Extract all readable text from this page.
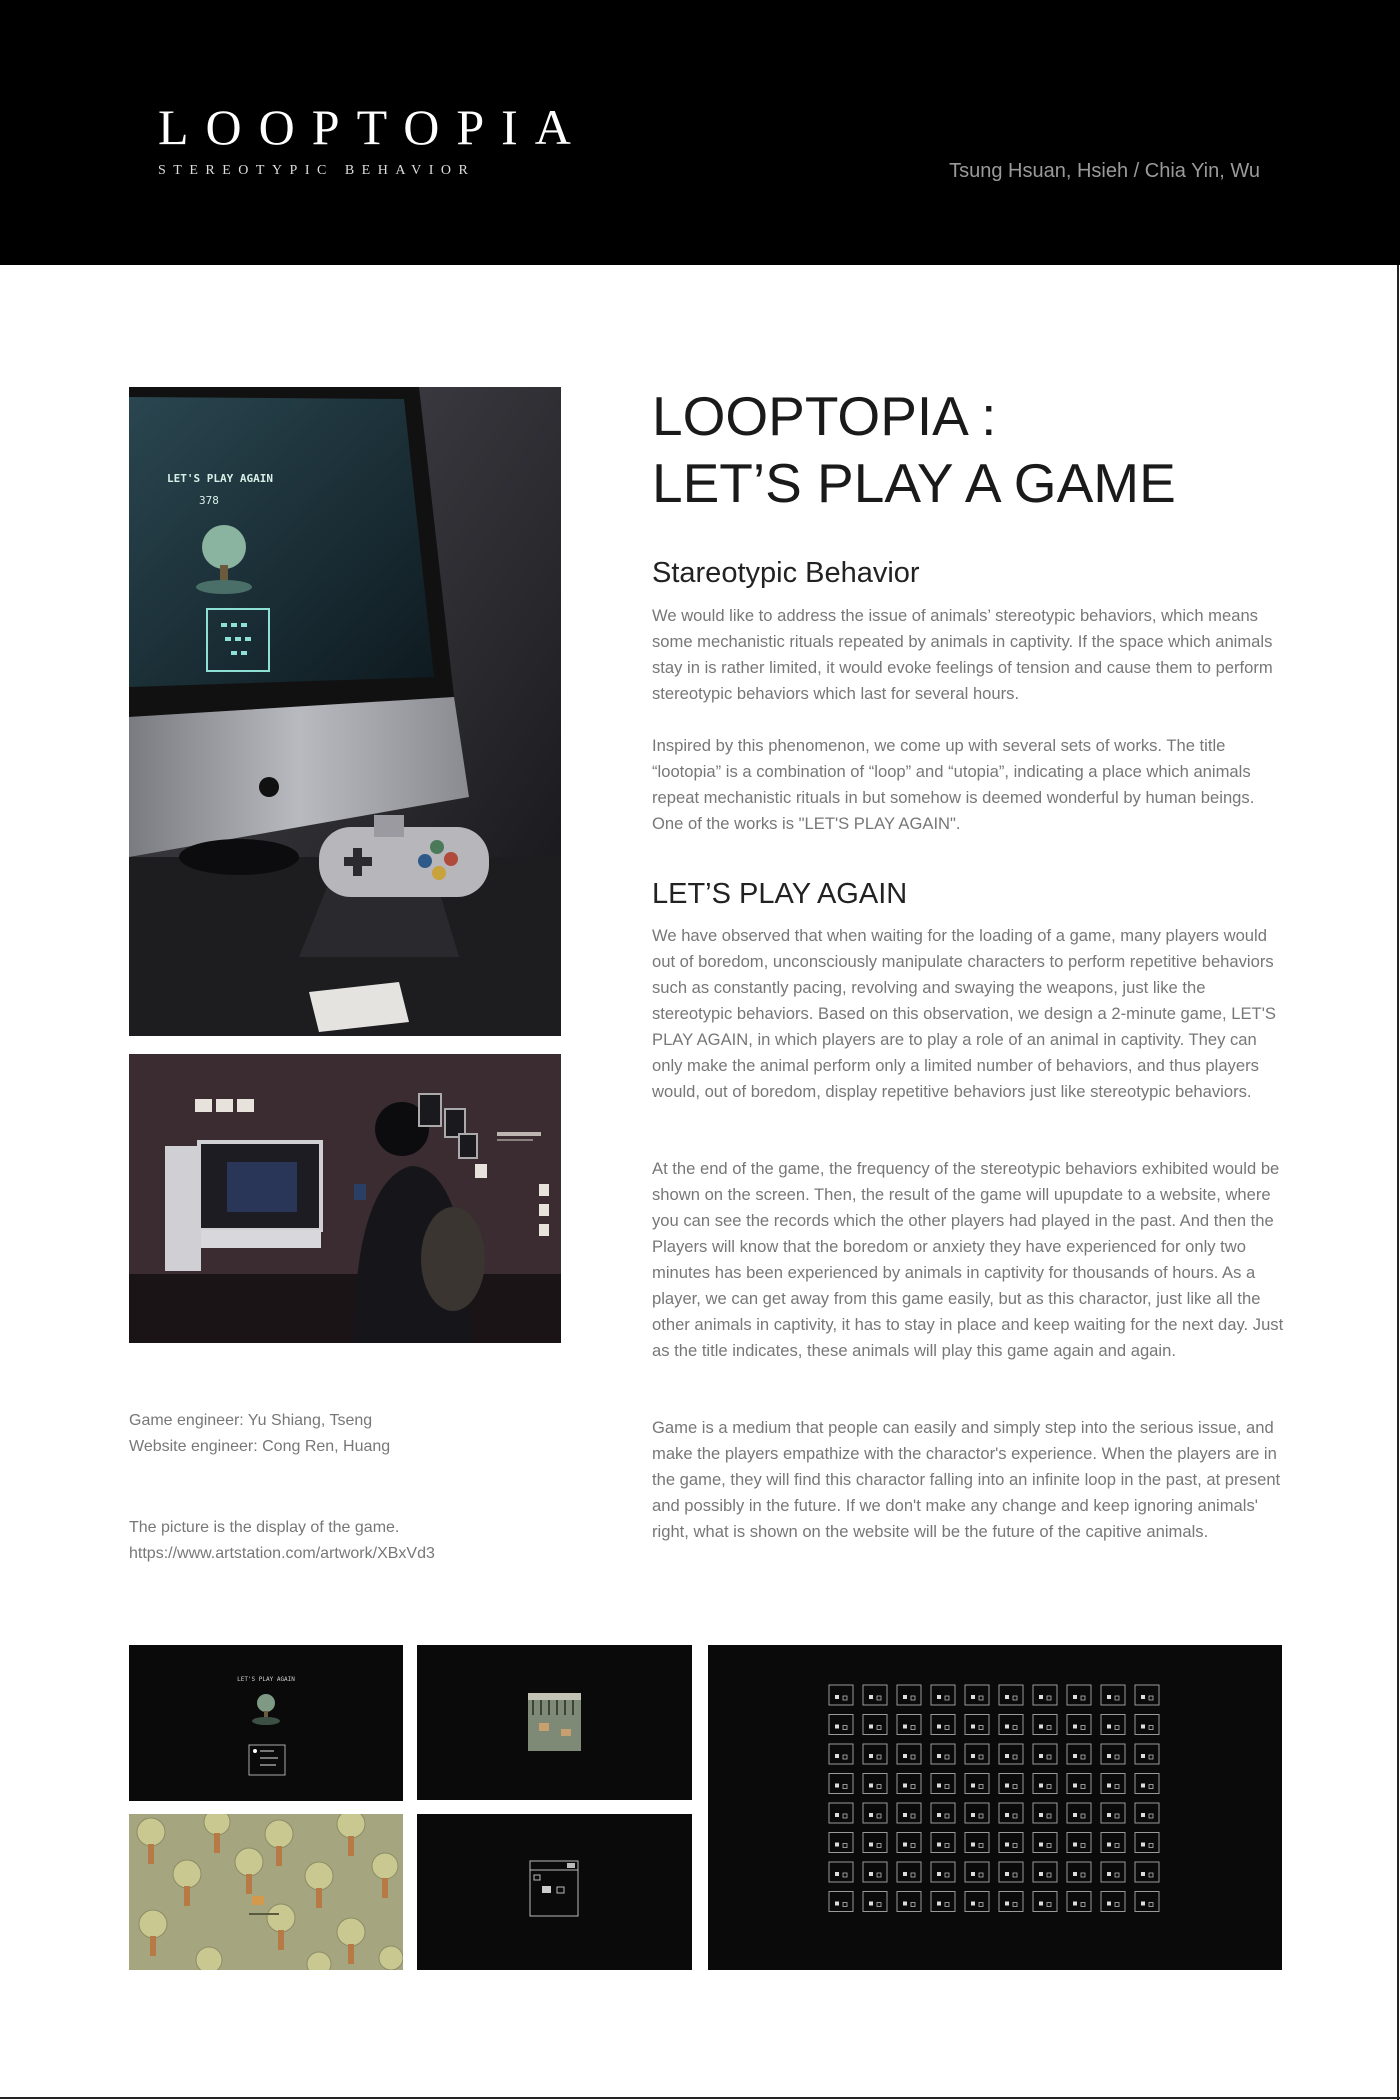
LOOPTOPIA
STEREOTYPIC BEHAVIOR	Tsung Hsuan, Hsieh / Chia Yin, Wu
LET'S PLAY AGAIN
378
Game engineer: Yu Shiang, Tseng
Website engineer: Cong Ren, Huang
The picture is the display of the game.
https://www.artstation.com/artwork/XBxVd3
LOOPTOPIA :
LET’S PLAY A GAME
Stareotypic Behavior

We would like to address the issue of animals’ stereotypic behaviors, which means some mechanistic rituals repeated by animals in captivity. If the space which animals stay in is rather limited, it would evoke feelings of tension and cause them to perform stereotypic behaviors which last for several hours.

Inspired by this phenomenon, we come up with several sets of works. The title “lootopia” is a combination of “loop” and “utopia”, indicating a place which animals repeat mechanistic rituals in but somehow is deemed wonderful by human beings. One of the works is "LET'S PLAY AGAIN".

LET’S PLAY AGAIN

We have observed that when waiting for the loading of a game, many players would out of boredom, unconsciously manipulate characters to perform repetitive behaviors such as constantly pacing, revolving and swaying the weapons, just like the stereotypic behaviors. Based on this observation, we design a 2-minute game, LET'S PLAY AGAIN, in which players are to play a role of an animal in captivity. They can only make the animal perform only a limited number of behaviors, and thus players would, out of boredom, display repetitive behaviors just like stereotypic behaviors.

At the end of the game, the frequency of the stereotypic behaviors exhibited would be shown on the screen. Then, the result of the game will upupdate to a website, where you can see the records which the other players had played in the past. And then the Players will know that the boredom or anxiety they have experienced for only two minutes has been experienced by animals in captivity for thousands of hours. As a player, we can get away from this game easily, but as this charactor, just like all the other animals in captivity, it has to stay in place and keep waiting for the next day. Just as the title indicates, these animals will play this game again and again.

Game is a medium that people can easily and simply step into the serious issue, and make the players empathize with the charactor's experience. When the players are in the game, they will find this charactor falling into an infinite loop in the past, at present and possibly in the future. If we don't make any change and keep ignoring animals' right, what is shown on the website will be the future of the capitive animals.

LET'S PLAY AGAIN
